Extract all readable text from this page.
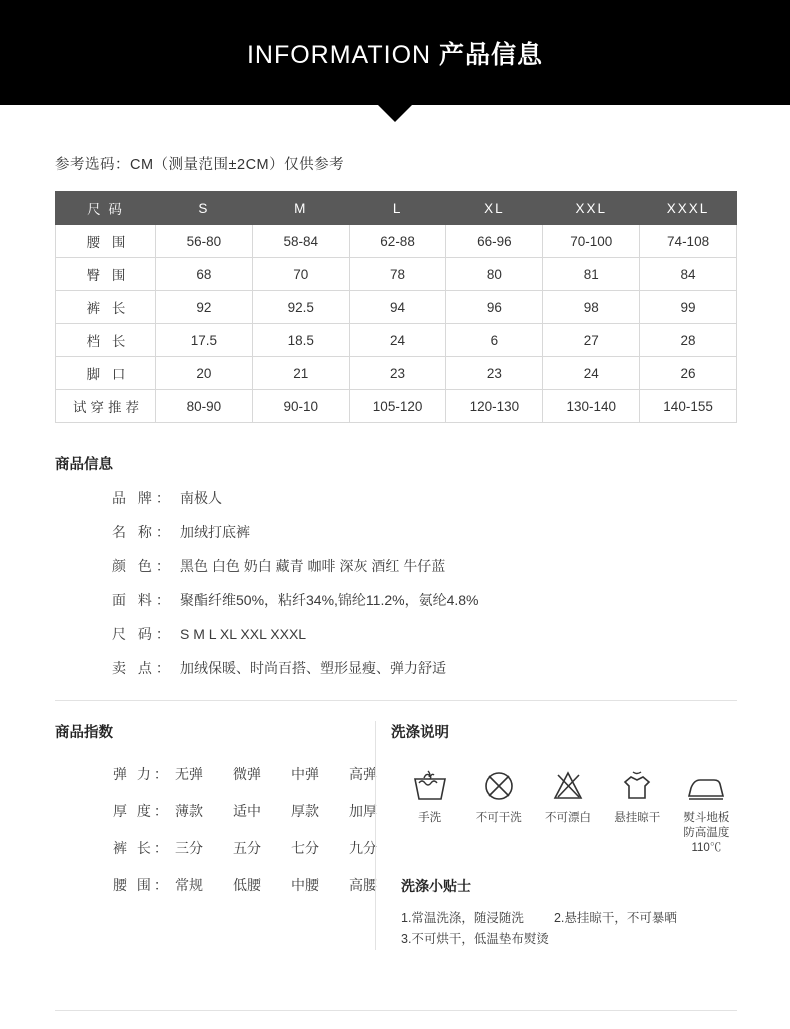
INFORMATION 产品信息
参考选码：CM（测量范围±2CM）仅供参考
尺 码	S	M	L	XL	XXL	XXXL
腰 围	56-80	58-84	62-88	66-96	70-100	74-108
臀 围	68	70	78	80	81	84
裤 长	92	92.5	94	96	98	99
档 长	17.5	18.5	24	6	27	28
脚 口	20	21	23	23	24	26
试穿推荐	80-90	90-10	105-120	120-130	130-140	140-155
商品信息
品 牌： 南极人
名 称： 加绒打底裤
颜 色： 黑色 白色 奶白 藏青 咖啡 深灰 酒红 牛仔蓝
面 料： 聚酯纤维50%，粘纤34%,锦纶11.2%，氨纶4.8%
尺 码： S M L XL XXL XXXL
卖 点： 加绒保暖、时尚百搭、塑形显瘦、弹力舒适
商品指数
弹 力： 无弹	微弹	中弹	高弹
厚 度： 薄款	适中	厚款	加厚
裤 长： 三分	五分	七分	九分
腰 围： 常规	低腰	中腰	高腰
洗涤说明
手洗	不可干洗	不可漂白	悬挂晾干	熨斗地板防高温度110℃
洗涤小贴士
1.常温洗涤，随浸随洗 2.悬挂晾干，不可暴晒
3.不可烘干，低温垫布熨烫
